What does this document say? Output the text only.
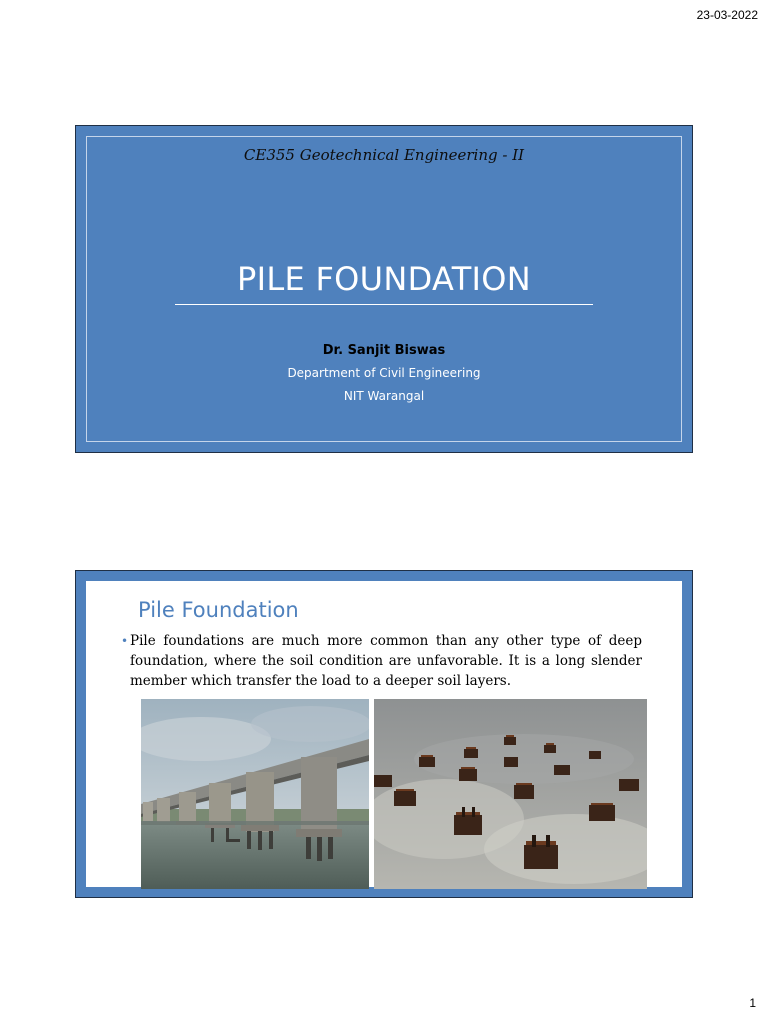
23-03-2022
CE355 Geotechnical Engineering - II
PILE FOUNDATION
Dr. Sanjit Biswas
Department of Civil Engineering
NIT Warangal
Pile Foundation
• Pile foundations are much more common than any other type of deep foundation, where the soil condition are unfavorable. It is a long slender member which transfer the load to a deeper soil layers.
1
